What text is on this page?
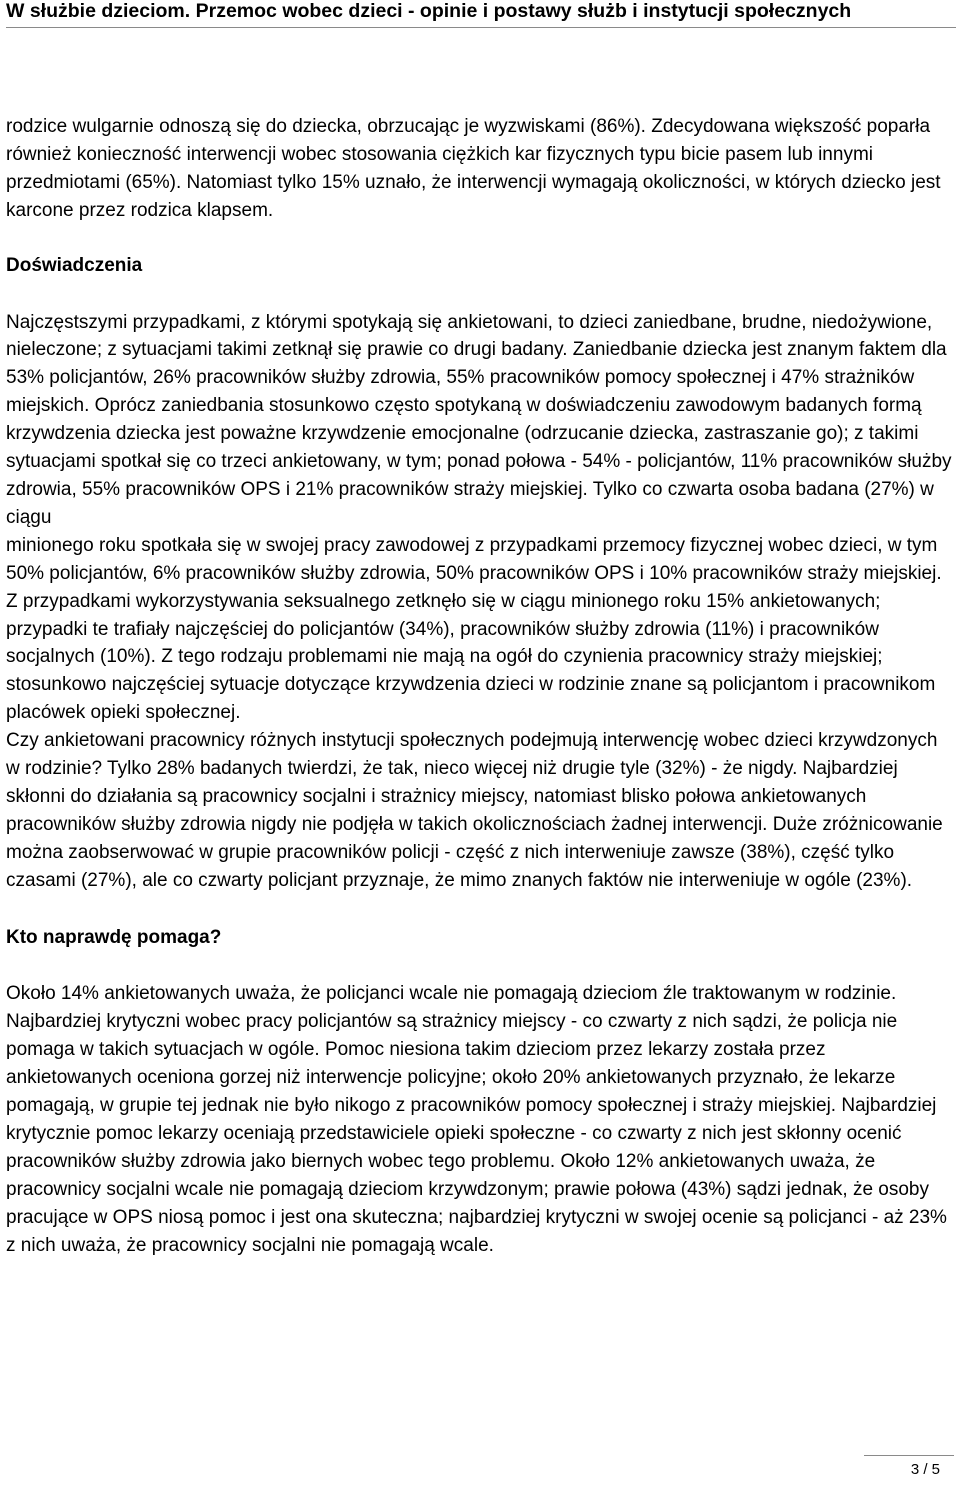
W służbie dzieciom. Przemoc wobec dzieci - opinie i postawy służb i instytucji społecznych

rodzice wulgarnie odnoszą się do dziecka, obrzucając je wyzwiskami (86%). Zdecydowana większość poparła również konieczność interwencji wobec stosowania ciężkich kar fizycznych typu bicie pasem lub innymi przedmiotami (65%). Natomiast tylko 15% uznało, że interwencji wymagają okoliczności, w których dziecko jest karcone przez rodzica klapsem.

Doświadczenia

Najczęstszymi przypadkami, z którymi spotykają się ankietowani, to dzieci zaniedbane, brudne, niedożywione, nieleczone; z sytuacjami takimi zetknął się prawie co drugi badany. Zaniedbanie dziecka jest znanym faktem dla 53% policjantów, 26% pracowników służby zdrowia, 55% pracowników pomocy społecznej i 47% strażników miejskich. Oprócz zaniedbania stosunkowo często spotykaną w doświadczeniu zawodowym badanych formą krzywdzenia dziecka jest poważne krzywdzenie emocjonalne (odrzucanie dziecka, zastraszanie go); z takimi sytuacjami spotkał się co trzeci ankietowany, w tym; ponad połowa - 54% - policjantów, 11% pracowników służby zdrowia, 55% pracowników OPS i 21% pracowników straży miejskiej. Tylko co czwarta osoba badana (27%) w ciągu
minionego roku spotkała się w swojej pracy zawodowej z przypadkami przemocy fizycznej wobec dzieci, w tym 50% policjantów, 6% pracowników służby zdrowia, 50% pracowników OPS i 10% pracowników straży miejskiej. Z przypadkami wykorzystywania seksualnego zetknęło się w ciągu minionego roku 15% ankietowanych; przypadki te trafiały najczęściej do policjantów (34%), pracowników służby zdrowia (11%) i pracowników socjalnych (10%). Z tego rodzaju problemami nie mają na ogół do czynienia pracownicy straży miejskiej; stosunkowo najczęściej sytuacje dotyczące krzywdzenia dzieci w rodzinie znane są policjantom i pracownikom placówek opieki społecznej.
Czy ankietowani pracownicy różnych instytucji społecznych podejmują interwencję wobec dzieci krzywdzonych w rodzinie? Tylko 28% badanych twierdzi, że tak, nieco więcej niż drugie tyle (32%) - że nigdy. Najbardziej skłonni do działania są pracownicy socjalni i strażnicy miejscy, natomiast blisko połowa ankietowanych pracowników służby zdrowia nigdy nie podjęła w takich okolicznościach żadnej interwencji. Duże zróżnicowanie można zaobserwować w grupie pracowników policji - część z nich interweniuje zawsze (38%), część tylko czasami (27%), ale co czwarty policjant przyznaje, że mimo znanych faktów nie interweniuje w ogóle (23%).

Kto naprawdę pomaga?

Około 14% ankietowanych uważa, że policjanci wcale nie pomagają dzieciom źle traktowanym w rodzinie. Najbardziej krytyczni wobec pracy policjantów są strażnicy miejscy - co czwarty z nich sądzi, że policja nie pomaga w takich sytuacjach w ogóle. Pomoc niesiona takim dzieciom przez lekarzy została przez ankietowanych oceniona gorzej niż interwencje policyjne; około 20% ankietowanych przyznało, że lekarze pomagają, w grupie tej jednak nie było nikogo z pracowników pomocy społecznej i straży miejskiej. Najbardziej krytycznie pomoc lekarzy oceniają przedstawiciele opieki społeczne - co czwarty z nich jest skłonny ocenić pracowników służby zdrowia jako biernych wobec tego problemu. Około 12% ankietowanych uważa, że pracownicy socjalni wcale nie pomagają dzieciom krzywdzonym; prawie połowa (43%) sądzi jednak, że osoby pracujące w OPS niosą pomoc i jest ona skuteczna; najbardziej krytyczni w swojej ocenie są policjanci - aż 23% z nich uważa, że pracownicy socjalni nie pomagają wcale.

3 / 5
